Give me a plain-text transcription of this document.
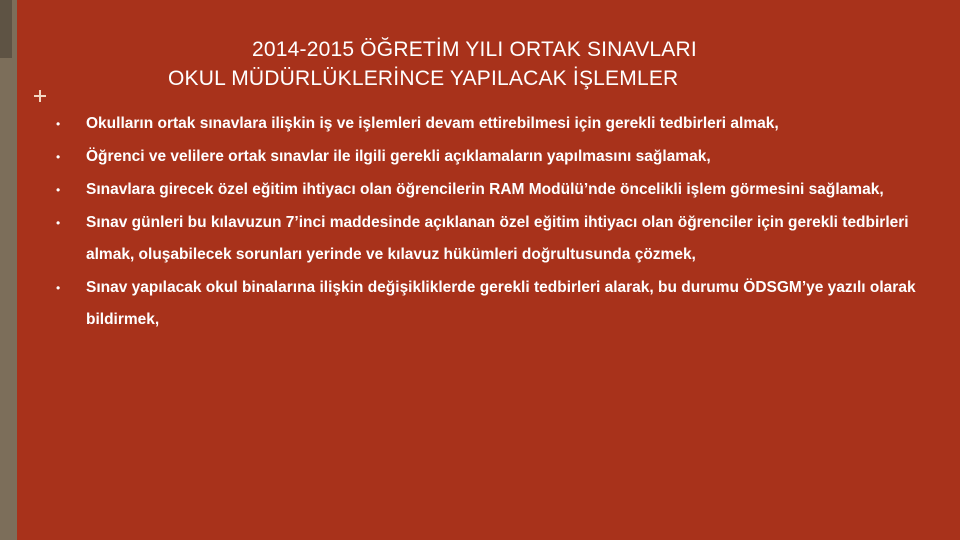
2014-2015 ÖĞRETİM YILI ORTAK SINAVLARI
OKUL MÜDÜRLÜKLERİNCE YAPILACAK İŞLEMLER
• Okulların ortak sınavlara ilişkin iş ve işlemleri devam ettirebilmesi için gerekli tedbirleri almak,
• Öğrenci ve velilere ortak sınavlar ile ilgili gerekli açıklamaların yapılmasını sağlamak,
• Sınavlara girecek özel eğitim ihtiyacı olan öğrencilerin RAM Modülü’nde öncelikli işlem görmesini sağlamak,
• Sınav günleri bu kılavuzun 7’inci maddesinde açıklanan özel eğitim ihtiyacı olan öğrenciler için gerekli tedbirleri almak, oluşabilecek sorunları yerinde ve kılavuz hükümleri doğrultusunda çözmek,
• Sınav yapılacak okul binalarına ilişkin değişikliklerde gerekli tedbirleri alarak, bu durumu ÖDSGM’ye yazılı olarak bildirmek,
